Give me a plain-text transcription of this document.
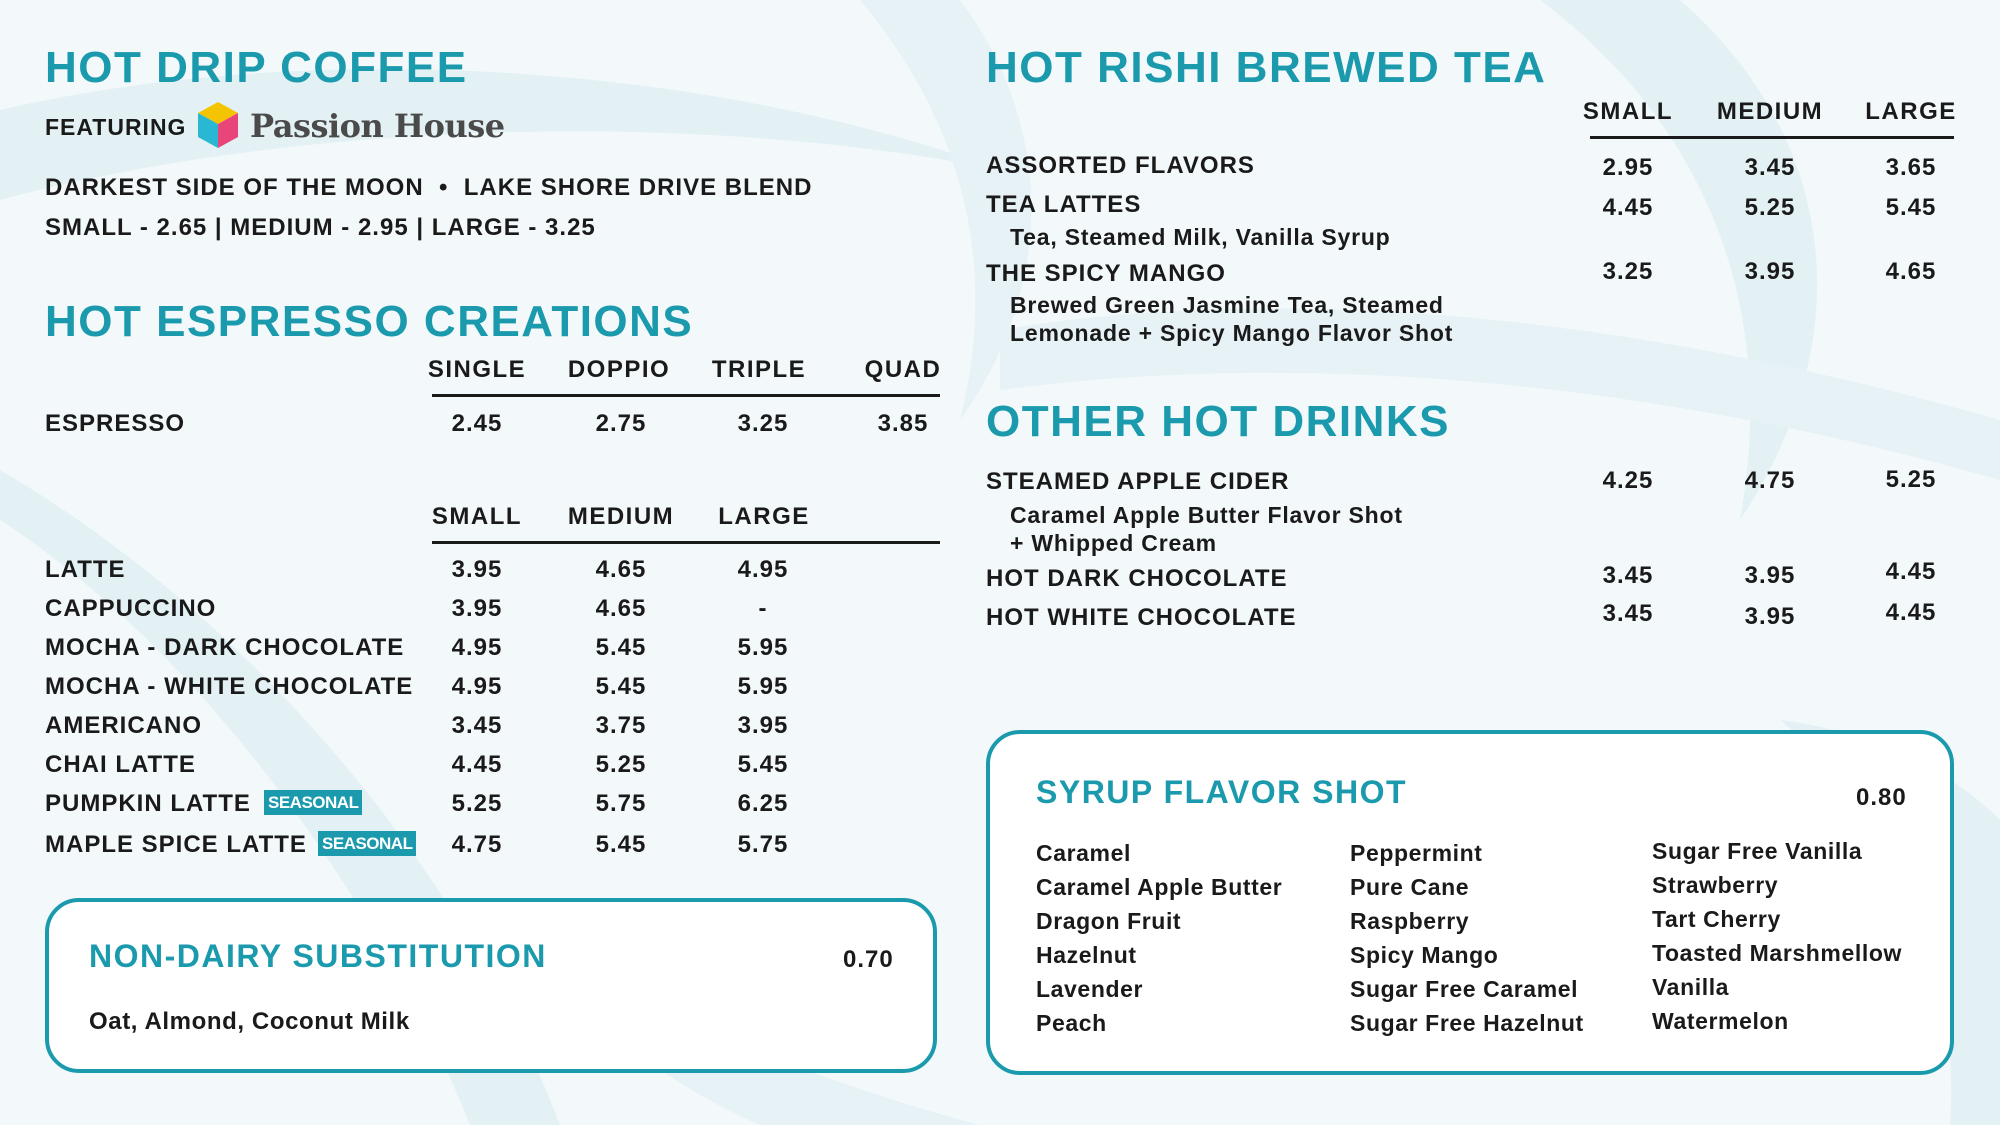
HOT DRIP COFFEE
FEATURING Passion House
DARKEST SIDE OF THE MOON  •  LAKE SHORE DRIVE BLEND
SMALL - 2.65 | MEDIUM - 2.95 | LARGE - 3.25
HOT ESPRESSO CREATIONS
SINGLE	DOPPIO	TRIPLE	QUAD
ESPRESSO	2.45	2.75	3.25	3.85
SMALL	MEDIUM	LARGE
LATTE	3.95	4.65	4.95
CAPPUCCINO	3.95	4.65	-
MOCHA - DARK CHOCOLATE	4.95	5.45	5.95
MOCHA - WHITE CHOCOLATE	4.95	5.45	5.95
AMERICANO	3.45	3.75	3.95
CHAI LATTE	4.45	5.25	5.45
PUMPKIN LATTE SEASONAL	5.25	5.75	6.25
MAPLE SPICE LATTE SEASONAL	4.75	5.45	5.75
NON-DAIRY SUBSTITUTION	0.70
Oat, Almond, Coconut Milk
HOT RISHI BREWED TEA
SMALL	MEDIUM	LARGE
ASSORTED FLAVORS	2.95	3.45	3.65
TEA LATTES
Tea, Steamed Milk, Vanilla Syrup
4.45	5.25	5.45
THE SPICY MANGO
Brewed Green Jasmine Tea, Steamed
Lemonade + Spicy Mango Flavor Shot
3.25	3.95	4.65
OTHER HOT DRINKS
STEAMED APPLE CIDER
Caramel Apple Butter Flavor Shot
+ Whipped Cream
4.25	4.75	5.25
HOT DARK CHOCOLATE	3.45	3.95	4.45
HOT WHITE CHOCOLATE	3.45	3.95	4.45
SYRUP FLAVOR SHOT	0.80
Caramel
Caramel Apple Butter
Dragon Fruit
Hazelnut
Lavender
Peach
Peppermint
Pure Cane
Raspberry
Spicy Mango
Sugar Free Caramel
Sugar Free Hazelnut
Sugar Free Vanilla
Strawberry
Tart Cherry
Toasted Marshmellow
Vanilla
Watermelon
